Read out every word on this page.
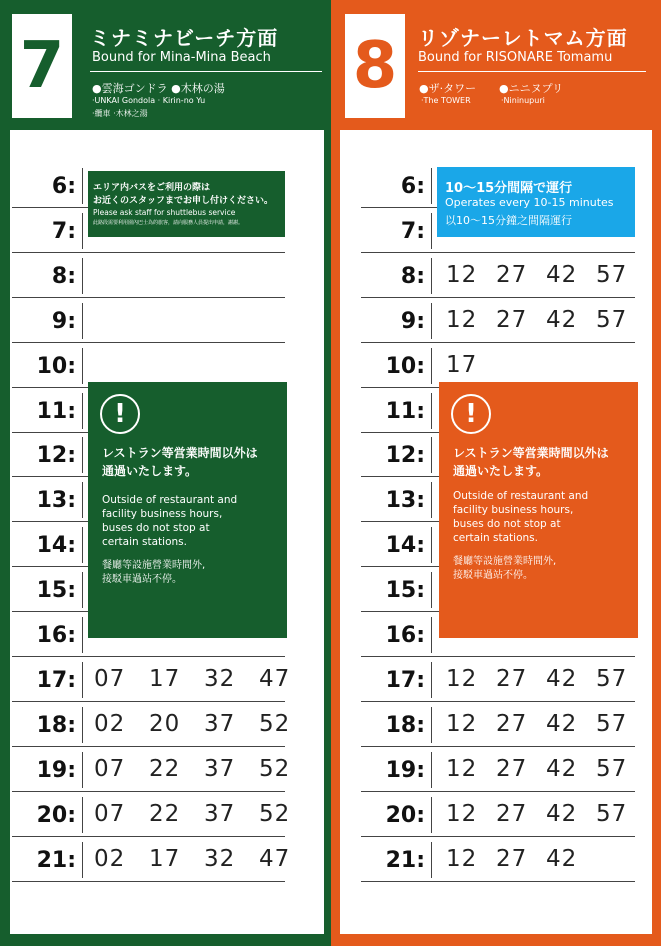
7	ミナミナビーチ方面
Bound for Mina-Mina Beach
●雲海ゴンドラ ●木林の湯
·UNKAI Gondola · Kirin-no Yu
·纜車 ·木林之湯
8	リゾナーレトマム方面
Bound for RISONARE Tomamu
●ザ·タワー ●ニニヌプリ
·The TOWER	·Nininupuri
6:
7:
8:
9:
10:
11:
12:
13:
14:
15:
16:
17: 07 17 32 47
18: 02 20 37 52
19: 07 22 37 52
20: 07 22 37 52
21: 02 17 32 47
6:
7:
8: 12 27 42 57
9: 12 27 42 57
10: 17
11:
12:
13:
14:
15:
16:
17: 12 27 42 57
18: 12 27 42 57
19: 12 27 42 57
20: 12 27 42 57
21: 12 27 42
エリア内バスをご利用の際は
お近くのスタッフまでお申し付けください。
Please ask staff for shuttlebus service
此路段需要利用園內巴士為的旅客，請向服務人員提出申請，謝謝。
!
レストラン等営業時間以外は
通過いたします。
Outside of restaurant and
facility business hours,
buses do not stop at
certain stations.
餐廳等設施營業時間外,
接駁車過站不停。
10〜15分間隔で運行
Operates every 10-15 minutes
以10〜15分鐘之間隔運行
!
レストラン等営業時間以外は
通過いたします。
Outside of restaurant and
facility business hours,
buses do not stop at
certain stations.
餐廳等設施營業時間外,
接駁車過站不停。
